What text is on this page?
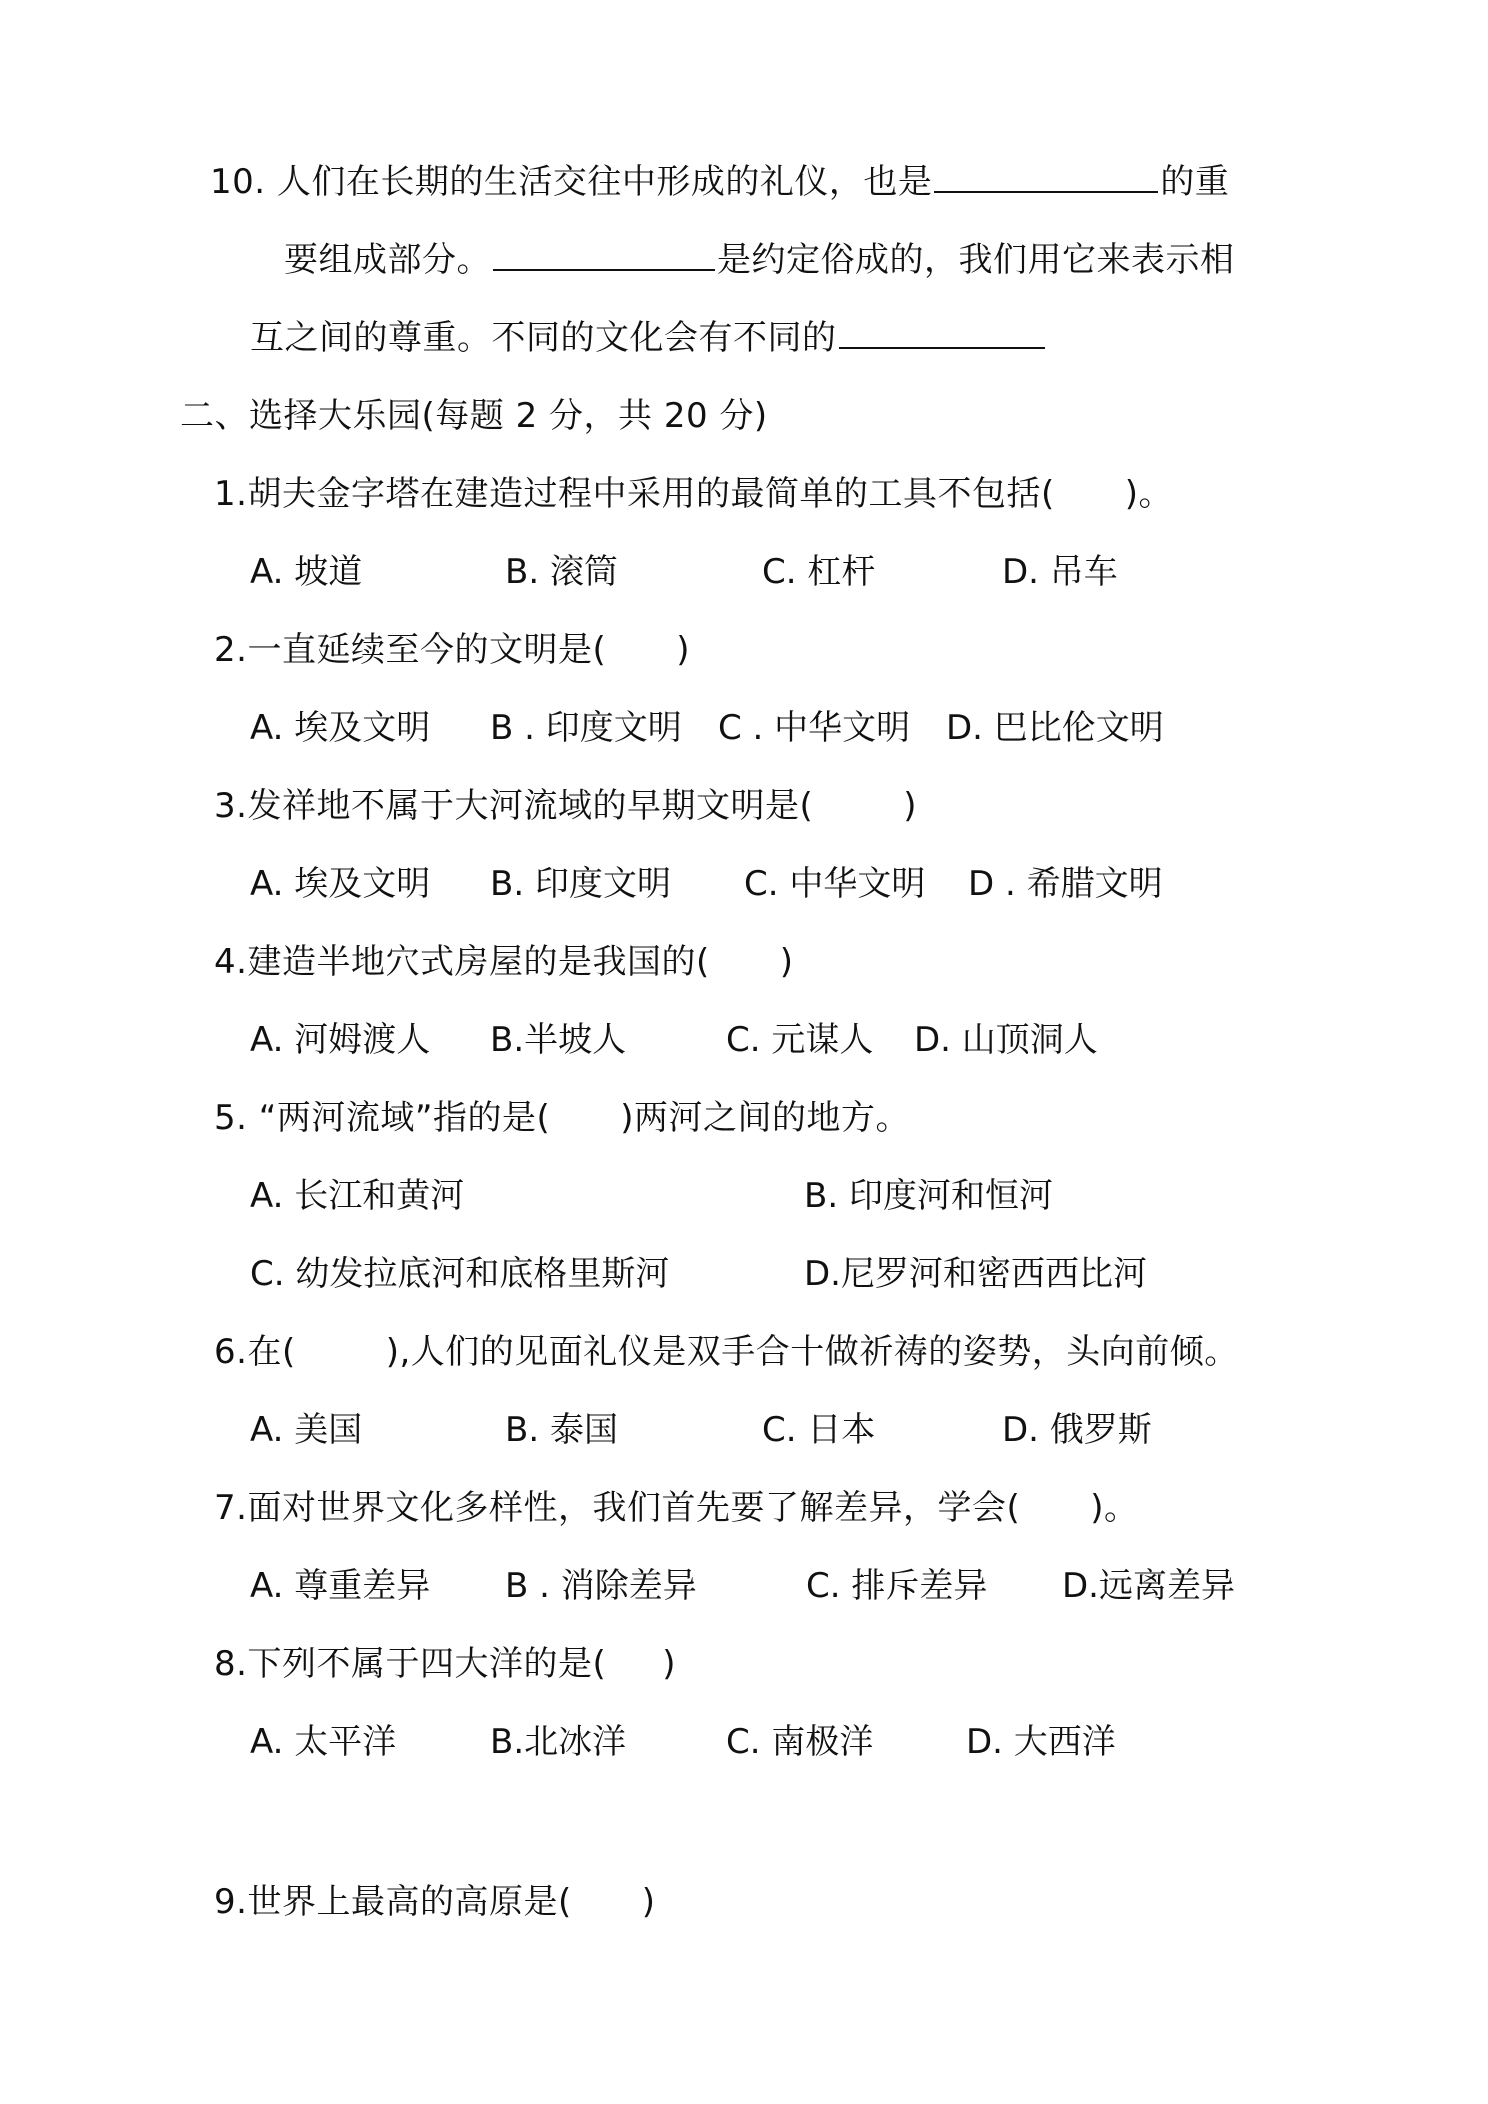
10. 人们在长期的生活交往中形成的礼仪，也是	的重
要组成部分。	是约定俗成的，我们用它来表示相
互之间的尊重。不同的文化会有不同的
二、选择大乐园(每题 2 分，共 20 分)
1.胡夫金字塔在建造过程中采用的最简单的工具不包括( )。
A. 坡道	B. 滚筒	C. 杠杆	D. 吊车
2.一直延续至今的文明是( )
A. 埃及文明 B . 印度文明 C . 中华文明 D. 巴比伦文明
3.发祥地不属于大河流域的早期文明是(	)
A. 埃及文明 B. 印度文明 C. 中华文明 D . 希腊文明
4.建造半地穴式房屋的是我国的( )
A. 河姆渡人 B.半坡人	C. 元谋人 D. 山顶洞人
5. “两河流域”指的是( )两河之间的地方。
A. 长江和黄河	B. 印度河和恒河
C. 幼发拉底河和底格里斯河	D.尼罗河和密西西比河
6.在(	),人们的见面礼仪是双手合十做祈祷的姿势，头向前倾。
A. 美国	B. 泰国	C. 日本	D. 俄罗斯
7.面对世界文化多样性，我们首先要了解差异，学会( )。
A. 尊重差异 B . 消除差异	C. 排斥差异 D.远离差异
8.下列不属于四大洋的是( )
A. 太平洋	B.北冰洋	C. 南极洋	D. 大西洋
9.世界上最高的高原是( )
